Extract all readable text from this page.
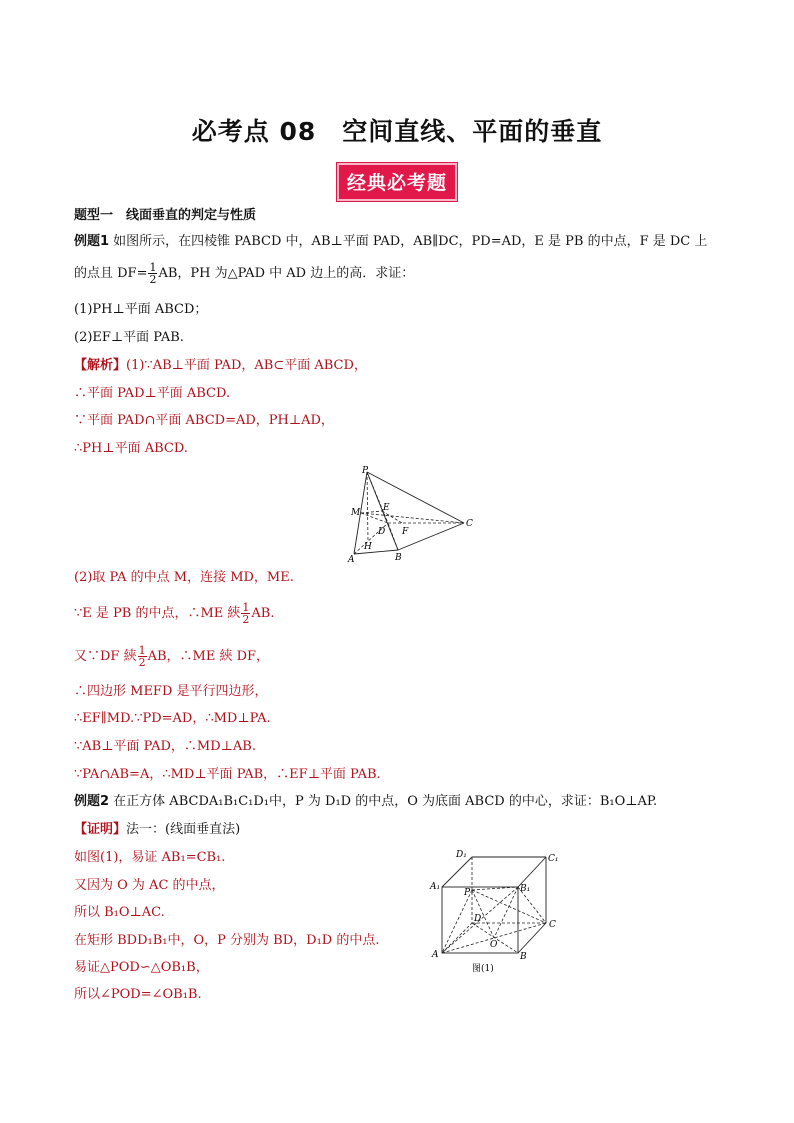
必考点 08　空间直线、平面的垂直
经典必考题
题型一　线面垂直的判定与性质
例题1 如图所示，在四棱锥 PABCD 中，AB⊥平面 PAD，AB∥DC，PD=AD，E 是 PB 的中点，F 是 DC 上
的点且 $DF= \frac{1}{2}$ AB，PH 为△PAD 中 AD 边上的高．求证：
(1)PH⊥平面 ABCD；
(2)EF⊥平面 PAB.
【解析】(1)∵AB⊥平面 PAD，AB⊂平面 ABCD，
∴平面 PAD⊥平面 ABCD.
∵平面 PAD∩平面 ABCD=AD，PH⊥AD，
∴PH⊥平面 ABCD.
P
M	E
D F
C
H
A	B
(2)取 PA 的中点 M，连接 MD，ME.
∵E 是 PB 的中点，∴ME 綊 $\frac{1}{2}$ AB.
又∵DF 綊 $\frac{1}{2}$ AB，∴ME 綊 DF，
∴四边形 MEFD 是平行四边形，
∴EF∥MD.∵PD=AD，∴MD⊥PA.
∵AB⊥平面 PAD，∴MD⊥AB.
∵PA∩AB=A，∴MD⊥平面 PAB，∴EF⊥平面 PAB.
例题2 在正方体 ABCDA₁B₁C₁D₁中，P 为 D₁D 的中点，O 为底面 ABCD 的中心，求证：B₁O⊥AP.
【证明】法一：(线面垂直法)
如图(1)，易证 AB₁=CB₁.
又因为 O 为 AC 的中点，
所以 B₁O⊥AC.
在矩形 BDD₁B₁中，O，P 分别为 BD，D₁D 的中点.
易证△POD∽△OB₁B，
所以∠POD=∠OB₁B.
D₁	C₁
A₁	B₁
P
D
O
C
A	B
图(1)
